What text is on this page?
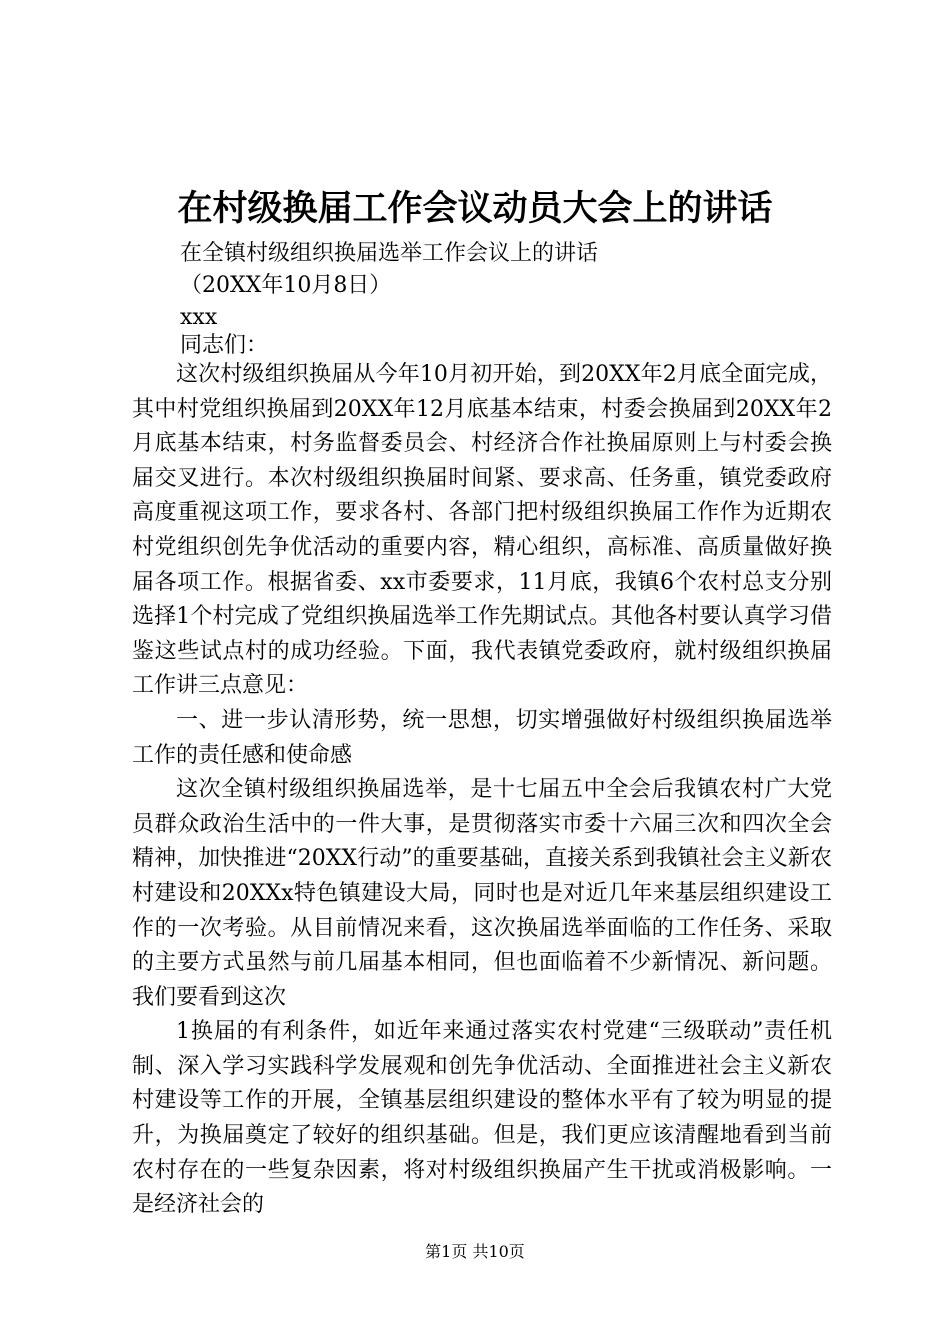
在村级换届工作会议动员大会上的讲话

在全镇村级组织换届选举工作会议上的讲话

（20XX年10月8日）

xxx

同志们：

这次村级组织换届从今年10月初开始，到20XX年2月底全面完成，其中村党组织换届到20XX年12月底基本结束，村委会换届到20XX年2月底基本结束，村务监督委员会、村经济合作社换届原则上与村委会换届交叉进行。本次村级组织换届时间紧、要求高、任务重，镇党委政府高度重视这项工作，要求各村、各部门把村级组织换届工作作为近期农村党组织创先争优活动的重要内容，精心组织，高标准、高质量做好换届各项工作。根据省委、xx市委要求，11月底，我镇6个农村总支分别选择1个村完成了党组织换届选举工作先期试点。其他各村要认真学习借鉴这些试点村的成功经验。下面，我代表镇党委政府，就村级组织换届工作讲三点意见：

一、进一步认清形势，统一思想，切实增强做好村级组织换届选举工作的责任感和使命感

这次全镇村级组织换届选举，是十七届五中全会后我镇农村广大党员群众政治生活中的一件大事，是贯彻落实市委十六届三次和四次全会精神，加快推进“20XX行动”的重要基础，直接关系到我镇社会主义新农村建设和20XXx特色镇建设大局，同时也是对近几年来基层组织建设工作的一次考验。从目前情况来看，这次换届选举面临的工作任务、采取的主要方式虽然与前几届基本相同，但也面临着不少新情况、新问题。我们要看到这次

1换届的有利条件，如近年来通过落实农村党建“三级联动”责任机制、深入学习实践科学发展观和创先争优活动、全面推进社会主义新农村建设等工作的开展，全镇基层组织建设的整体水平有了较为明显的提升，为换届奠定了较好的组织基础。但是，我们更应该清醒地看到当前农村存在的一些复杂因素，将对村级组织换届产生干扰或消极影响。一是经济社会的

第1页 共10页
